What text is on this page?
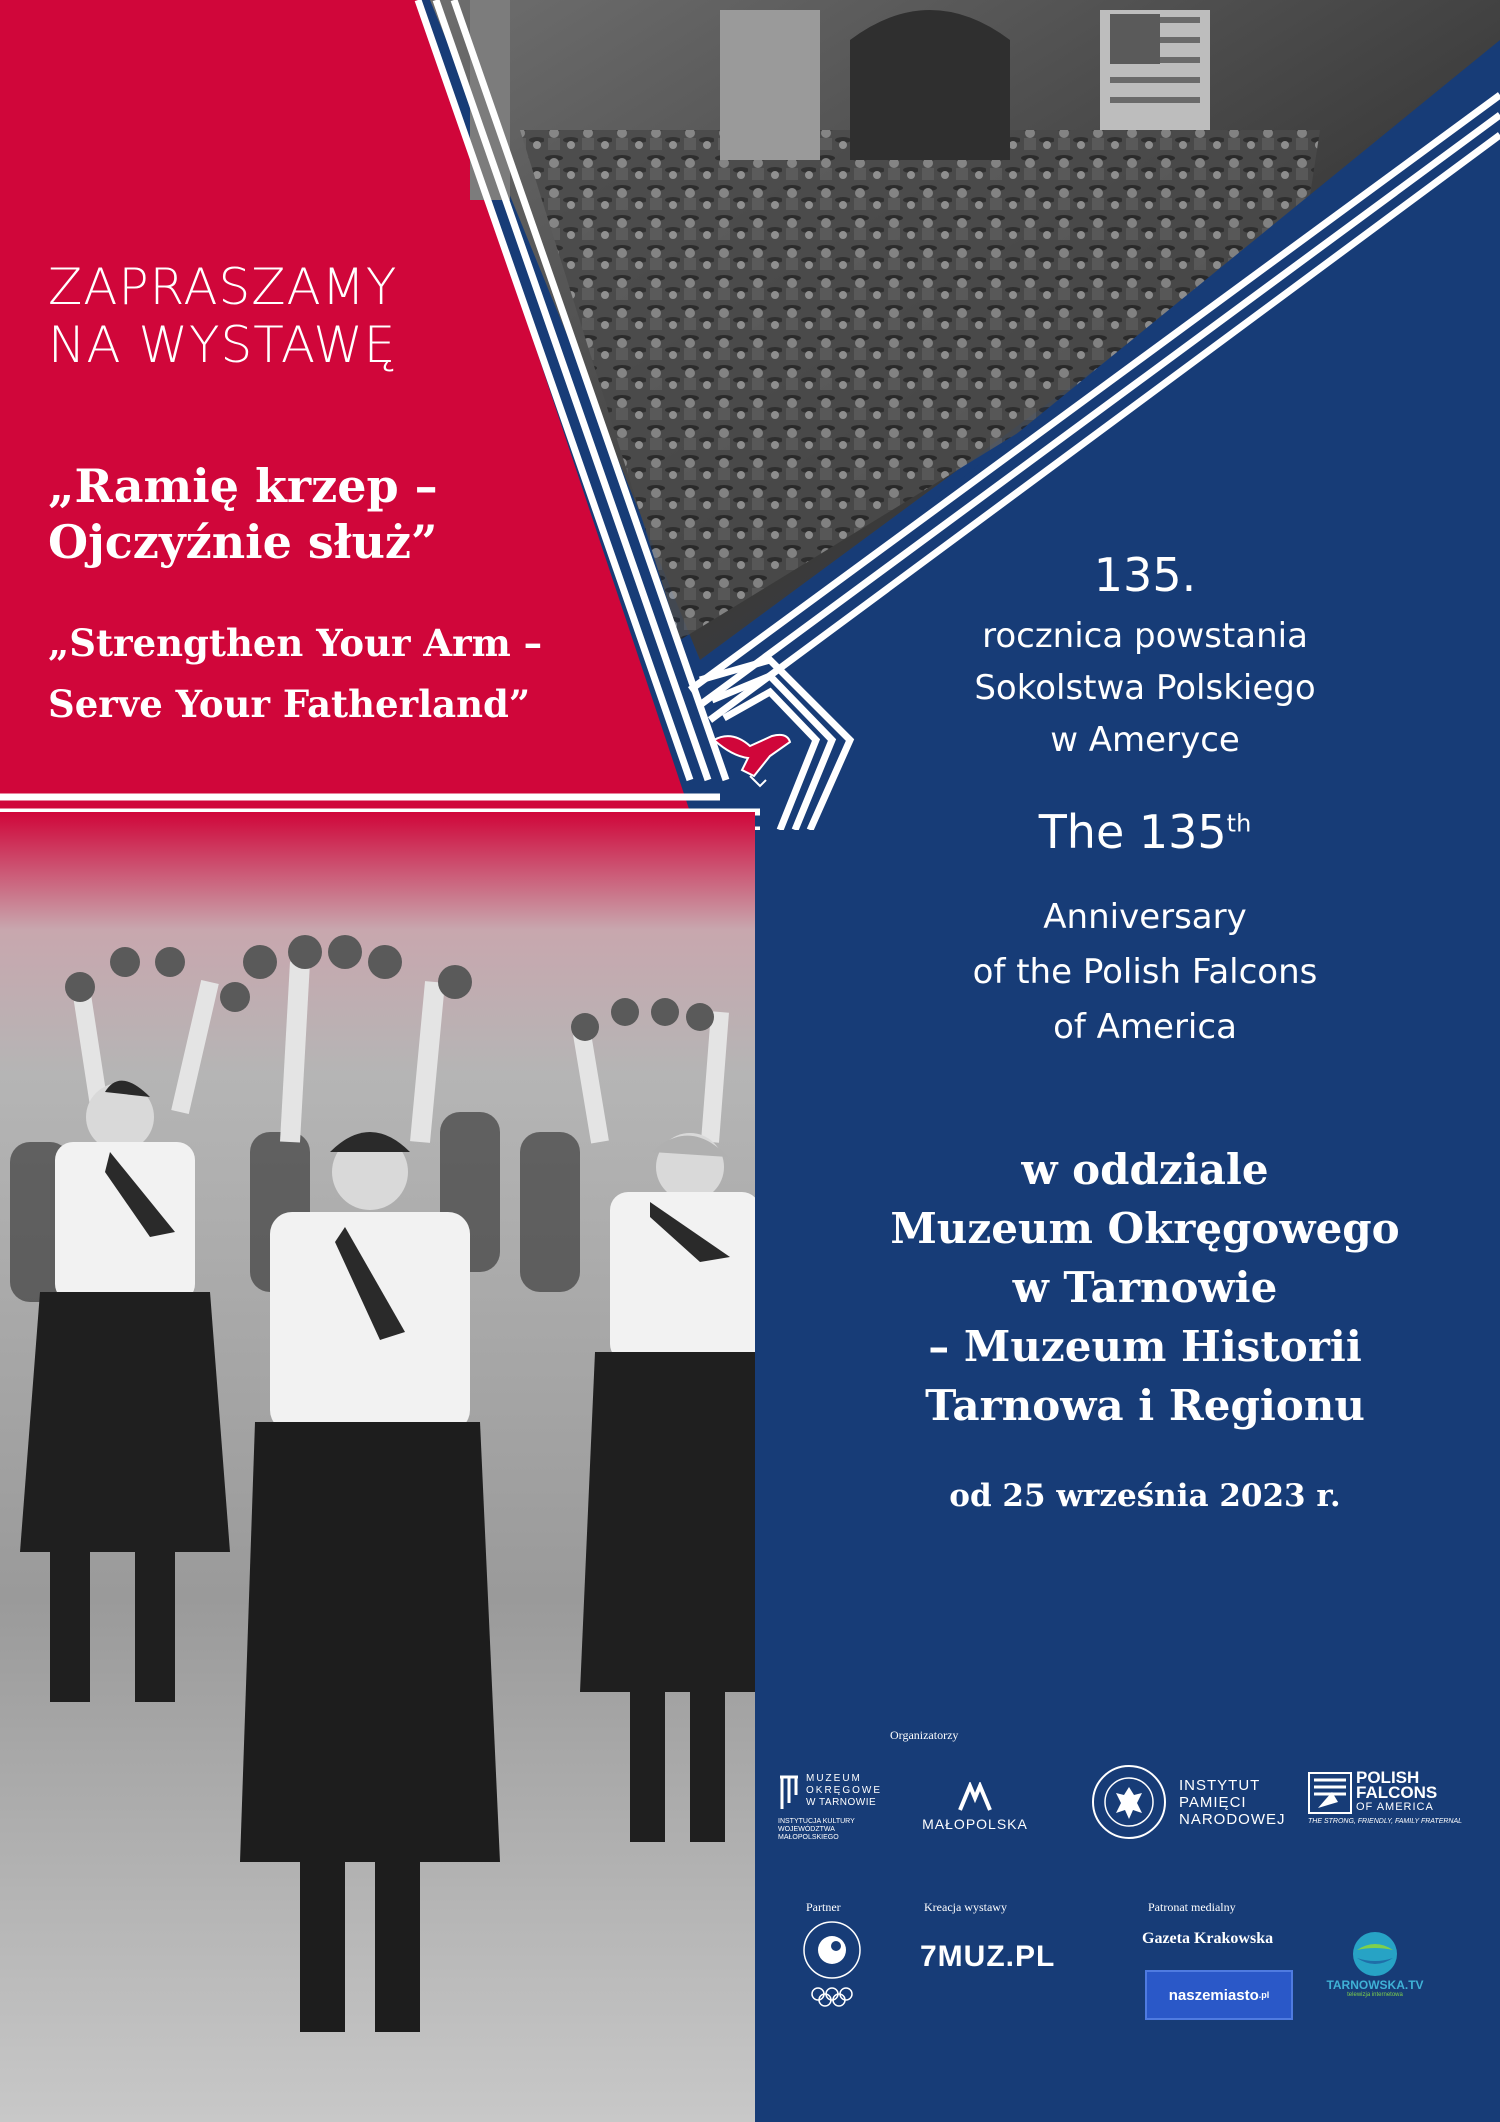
ZAPRASZAMY
NA WYSTAWĘ
„Ramię krzep –
Ojczyźnie służ”
„Strengthen Your Arm –
Serve Your Fatherland”
135.
rocznica powstania
Sokolstwa Polskiego
w Ameryce
The 135th
Anniversary
of the Polish Falcons
of America
w oddziale
Muzeum Okręgowego
w Tarnowie
– Muzeum Historii
Tarnowa i Regionu
od 25 września 2023 r.
Organizatorzy
MUZEUM
OKRĘGOWE
W TARNOWIE
INSTYTUCJA KULTURY
WOJEWÓDZTWA
MAŁOPOLSKIEGO
MAŁOPOLSKA
INSTYTUT
PAMIĘCI
NARODOWEJ
POLISH
FALCONS
OF AMERICA
THE STRONG, FRIENDLY, FAMILY FRATERNAL
Partner	Kreacja wystawy
7MUZ.PL
Patronat medialny
Gazeta Krakowska
naszemiasto .pl
TARNOWSKA.TV
telewizja internetowa
